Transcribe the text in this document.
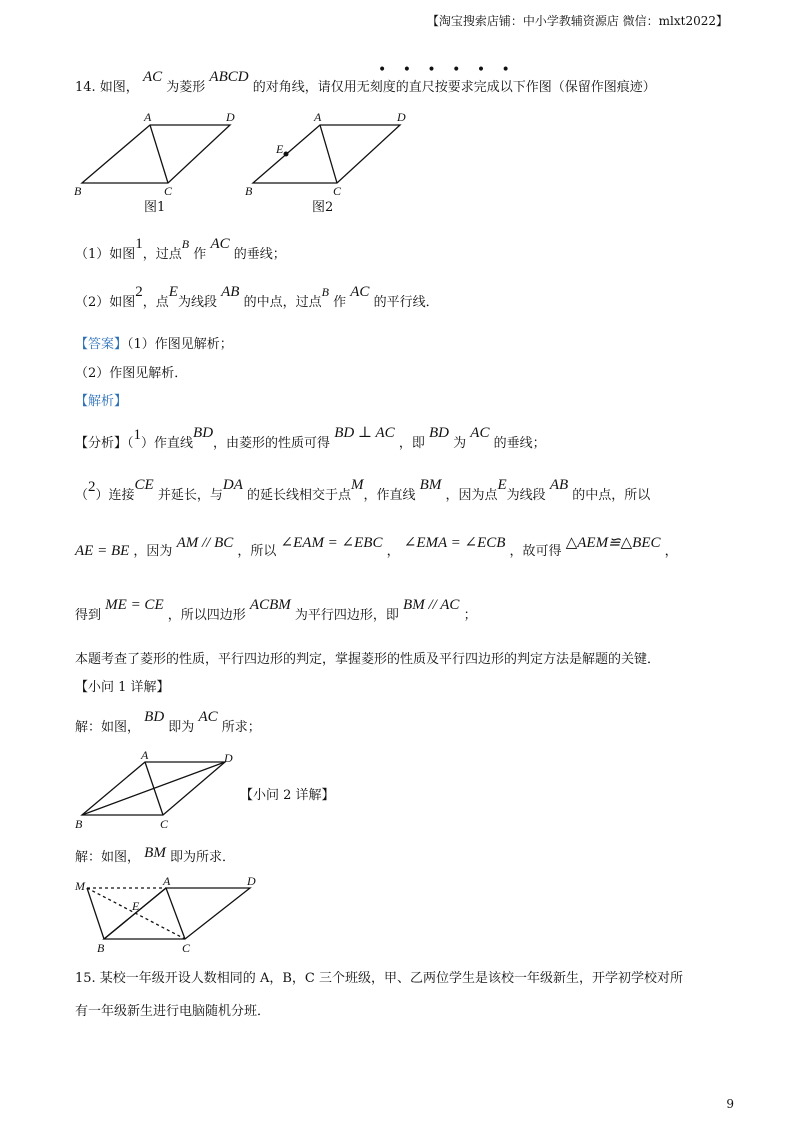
【淘宝搜索店铺：中小学教辅资源店 微信：mlxt2022】
14. 如图， AC 为菱形 ABCD 的对角线，请仅用无刻度的直尺按要求完成以下作图（保留作图痕迹）
• • • • • •
A	D
B	C
图1
A	D
E
B	C
图2
（1）如图1，过点B 作 AC 的垂线；
（2）如图2，点E为线段 AB 的中点，过点B 作 AC 的平行线．
【答案】（1）作图见解析；
（2）作图见解析．
【解析】
【分析】（1）作直线BD，由菱形的性质可得 BD ⊥ AC ，即 BD 为 AC 的垂线；
（2）连接CE 并延长，与DA 的延长线相交于点M，作直线 BM ，因为点E为线段 AB 的中点，所以
AE = BE ，因为 AM // BC ，所以 ∠EAM = ∠EBC ， ∠EMA = ∠ECB ，故可得 △AEM≌△BEC ，
得到 ME = CE ，所以四边形 ACBM 为平行四边形，即 BM // AC ；
本题考查了菱形的性质，平行四边形的判定，掌握菱形的性质及平行四边形的判定方法是解题的关键．
【小问 1 详解】
解：如图， BD 即为 AC 所求；
A	D
B	C
【小问 2 详解】
解：如图， BM 即为所求．
M	A	D
E
B	C
15. 某校一年级开设人数相同的 A，B，C 三个班级，甲、乙两位学生是该校一年级新生，开学初学校对所
有一年级新生进行电脑随机分班．
9
